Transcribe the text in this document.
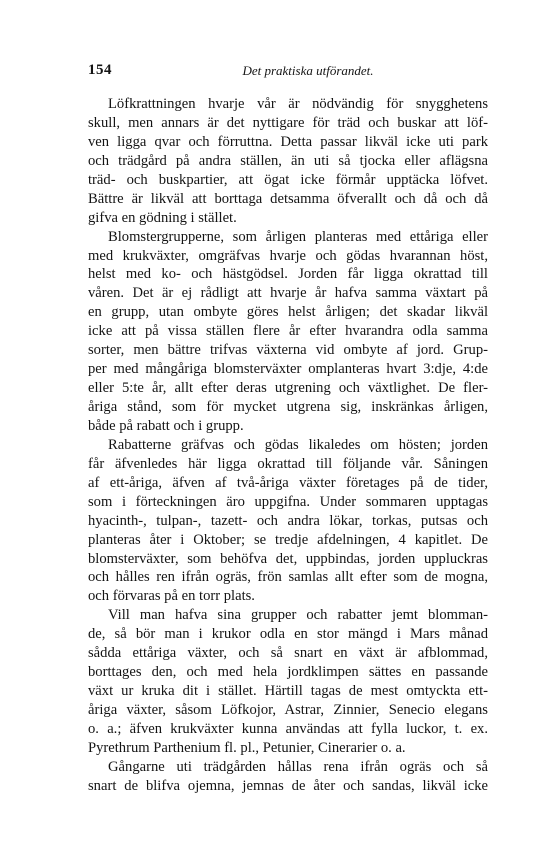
154	Det praktiska utförandet.
Löfkrattningen hvarje vår är nödvändig för snygghetens
skull, men annars är det nyttigare för träd och buskar att löf-
ven ligga qvar och förruttna. Detta passar likväl icke uti park
och trädgård på andra ställen, än uti så tjocka eller aflägsna
träd- och buskpartier, att ögat icke förmår upptäcka löfvet.
Bättre är likväl att borttaga detsamma öfverallt och då och då
gifva en gödning i stället.
Blomstergrupperne, som årligen planteras med ettåriga eller
med krukväxter, omgräfvas hvarje och gödas hvarannan höst,
helst med ko- och hästgödsel. Jorden får ligga okrattad till
våren. Det är ej rådligt att hvarje år hafva samma växtart på
en grupp, utan ombyte göres helst årligen; det skadar likväl
icke att på vissa ställen flere år efter hvarandra odla samma
sorter, men bättre trifvas växterna vid ombyte af jord. Grup-
per med mångåriga blomsterväxter omplanteras hvart 3:dje, 4:de
eller 5:te år, allt efter deras utgrening och växtlighet. De fler-
åriga stånd, som för mycket utgrena sig, inskränkas årligen,
både på rabatt och i grupp.
Rabatterne gräfvas och gödas likaledes om hösten; jorden
får äfvenledes här ligga okrattad till följande vår. Såningen
af ett-åriga, äfven af två-åriga växter företages på de tider,
som i förteckningen äro uppgifna. Under sommaren upptagas
hyacinth-, tulpan-, tazett- och andra lökar, torkas, putsas och
planteras åter i Oktober; se tredje afdelningen, 4 kapitlet. De
blomsterväxter, som behöfva det, uppbindas, jorden uppluckras
och hålles ren ifrån ogräs, frön samlas allt efter som de mogna,
och förvaras på en torr plats.
Vill man hafva sina grupper och rabatter jemt blomman-
de, så bör man i krukor odla en stor mängd i Mars månad
sådda ettåriga växter, och så snart en växt är afblommad,
borttages den, och med hela jordklimpen sättes en passande
växt ur kruka dit i stället. Härtill tagas de mest omtyckta ett-
åriga växter, såsom Löfkojor, Astrar, Zinnier, Senecio elegans
o. a.; äfven krukväxter kunna användas att fylla luckor, t. ex.
Pyrethrum Parthenium fl. pl., Petunier, Cinerarier o. a.
Gångarne uti trädgården hållas rena ifrån ogräs och så
snart de blifva ojemna, jemnas de åter och sandas, likväl icke
